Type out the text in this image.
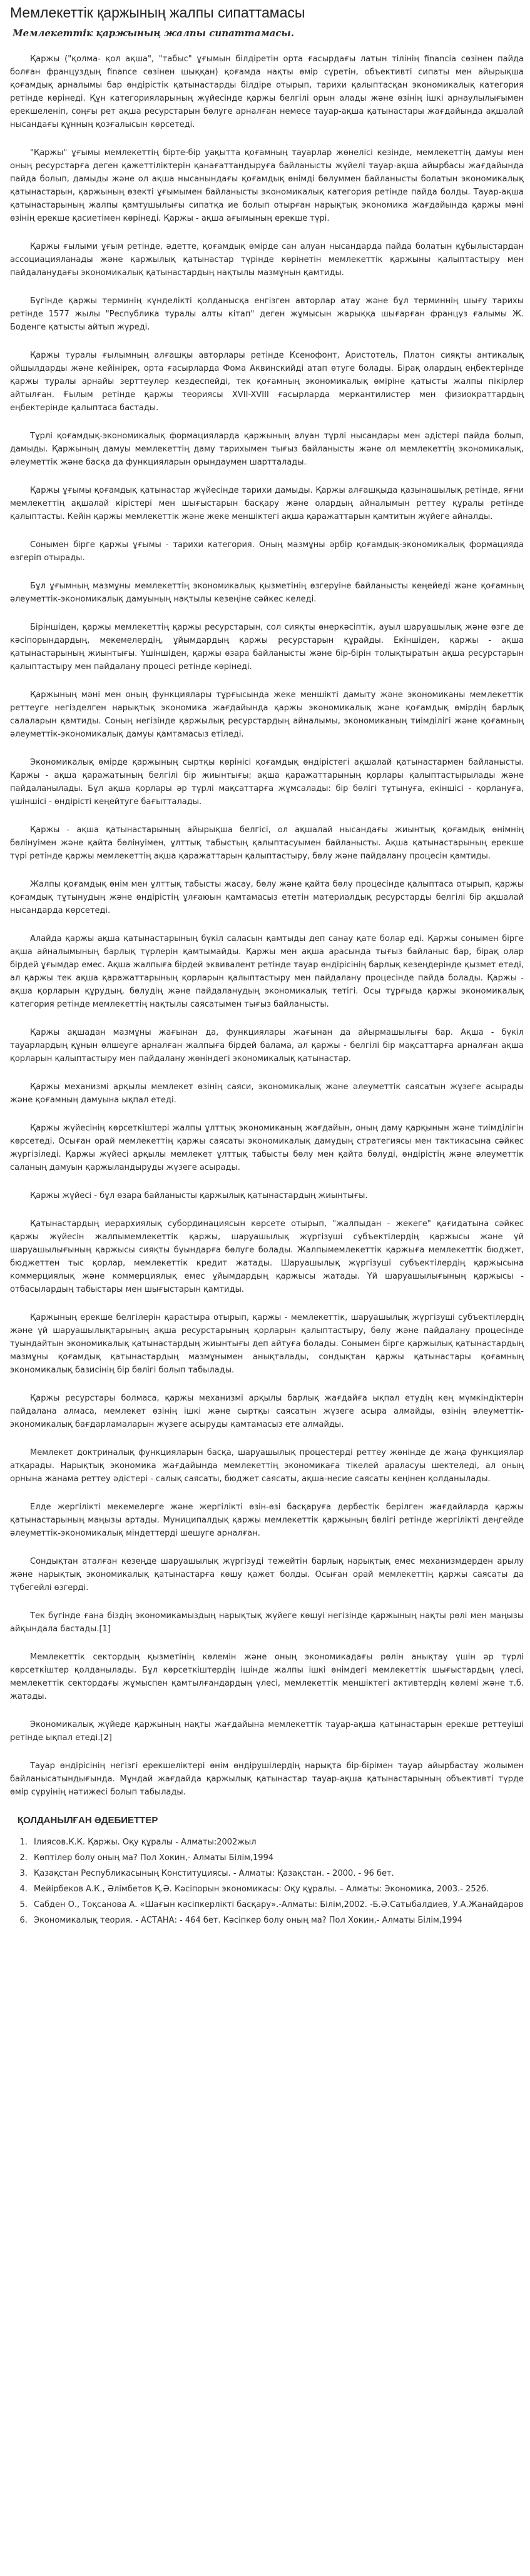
Мемлекеттік қаржының жалпы сипаттамасы
Мемлекеттік қаржының жалпы сипаттамасы.

Қаржы ("қолма- қол ақша", "табыс" ұғымын білдіретін орта ғасырдағы латын тілінің financia сөзінен пайда болған француздың finance сөзінен шыққан) қоғамда нақты өмір сүретін, объективті сипаты мен айырықша қоғамдық арналымы бар өндірістік қатынастарды білдіре отырып, тарихи қалыптасқан экономикалық категория ретінде көрінеді. Құн категорияларының жүйесінде қаржы белгілі орын алады және өзінің ішкі арнаулылығымен ерекшеленіп, соңғы рет ақша ресурстарын бөлуге арналған немесе тауар-ақша қатынастары жағдайында ақшалай нысандағы құнның қозғалысын көрсетеді.

"Қаржы" ұғымы мемлекеттің бірте-бір уақытта қоғамның тауарлар жөнелісі кезінде, мемлекеттің дамуы мен оның ресурстарға деген қажеттіліктерін қанағаттандыруға байланысты жүйелі тауар-ақша айырбасы жағдайында пайда болып, дамыды және ол ақша нысанындағы қоғамдық өнімді бөлуммен байланысты болатын экономикалық қатынастарын, қаржының өзекті ұғымымен байланысты экономикалық категория ретінде пайда болды. Тауар-ақша қатынастарының жалпы қамтушылығы сипатқа ие болып отырған нарықтық экономика жағдайында қаржы мәні өзінің ерекше қасиетімен көрінеді. Қаржы - ақша ағымының ерекше түрі.

Қаржы ғылыми ұғым ретінде, әдетте, қоғамдық өмірде сан алуан нысандарда пайда болатын құбылыстардан ассоциацияланады және қаржылық қатынастар түрінде көрінетін мемлекеттік қаржыны қалыптастыру мен пайдаланудағы экономикалық қатынастардың нақтылы мазмұнын қамтиды.

Бүгінде қаржы терминің күнделікті қолданысқа енгізген авторлар атау және бұл терминнің шығу тарихы ретінде 1577 жылы "Республика туралы алты кітап" деген жұмысын жарыққа шығарған француз ғалымы Ж. Боденге қатысты айтып жүреді.

Қаржы туралы ғылымның алғашқы авторлары ретінде Ксенофонт, Аристотель, Платон сияқты антикалық ойшылдарды және кейінірек, орта ғасырларда Фома Аквинскийді атап өтуге болады. Бірақ олардың еңбектерінде қаржы туралы арнайы зерттеулер кездеспейді, тек қоғамның экономикалық өміріне қатысты жалпы пікірлер айтылған. Ғылым ретінде қаржы теориясы XVII-XVIII ғасырларда меркантилистер мен физиократтардың еңбектерінде қалыптаса бастады.

Тұрлі қоғамдық-экономикалық формацияларда қаржының алуан түрлі нысандары мен әдістері пайда болып, дамыды. Қаржының дамуы мемлекеттің даму тарихымен тығыз байланысты және ол мемлекеттің экономикалық, әлеуметтік және басқа да функцияларын орындаумен шартталады.

Қаржы ұғымы қоғамдық қатынастар жүйесінде тарихи дамыды. Қаржы алғашқыда қазынашылық ретінде, яғни мемлекеттің ақшалай кірістері мен шығыстарын басқару және олардың айналымын реттеу құралы ретінде қалыптасты. Кейін қаржы мемлекеттік және жеке меншіктегі ақша қаражаттарын қамтитын жүйеге айналды.

Сонымен бірге қаржы ұғымы - тарихи категория. Оның мазмұны әрбір қоғамдық-экономикалық формацияда өзгеріп отырады.

Бұл ұғымның мазмұны мемлекеттің экономикалық қызметінің өзгеруіне байланысты кеңейеді және қоғамның әлеуметтік-экономикалық дамуының нақтылы кезеңіне сәйкес келеді.

Біріншіден, қаржы мемлекеттің қаржы ресурстарын, сол сияқты өнеркәсіптік, ауыл шаруашылық және өзге де кәсіпорындардың, мекемелердің, ұйымдардың қаржы ресурстарын құрайды. Екіншіден, қаржы - ақша қатынастарының жиынтығы. Үшіншіден, қаржы өзара байланысты және бір-бірін толықтыратын ақша ресурстарын қалыптастыру мен пайдалану процесі ретінде көрінеді.

Қаржының мәні мен оның функциялары тұрғысында жеке меншікті дамыту және экономиканы мемлекеттік реттеуге негізделген нарықтық экономика жағдайында қаржы экономикалық және қоғамдық өмірдің барлық салаларын қамтиды. Соның негізінде қаржылық ресурстардың айналымы, экономиканың тиімділігі және қоғамның әлеуметтік-экономикалық дамуы қамтамасыз етіледі.

Экономикалық өмірде қаржының сыртқы көрінісі қоғамдық өндірістегі ақшалай қатынастармен байланысты. Қаржы - ақша қаражатының белгілі бір жиынтығы; ақша қаражаттарының қорлары қалыптастырылады және пайдаланылады. Бұл ақша қорлары әр түрлі мақсаттарға жұмсалады: бір бөлігі тұтынуға, екіншісі - қорлануға, үшіншісі - өндірісті кеңейтуге бағытталады.

Қаржы - ақша қатынастарының айырықша белгісі, ол ақшалай нысандағы жиынтық қоғамдық өнімнің бөлінуімен және қайта бөлінуімен, ұлттық табыстың қалыптасуымен байланысты. Ақша қатынастарының ерекше түрі ретінде қаржы мемлекеттің ақша қаражаттарын қалыптастыру, бөлу және пайдалану процесін қамтиды.

Жалпы қоғамдық өнім мен ұлттық табысты жасау, бөлу және қайта бөлу процесінде қалыптаса отырып, қаржы қоғамдық тұтынудың және өндірістің ұлғаюын қамтамасыз ететін материалдық ресурстарды белгілі бір ақшалай нысандарда көрсетеді.

Алайда қаржы ақша қатынастарының бүкіл саласын қамтыды деп санау қате болар еді. Қаржы сонымен бірге ақша айналымының барлық түрлерін қамтымайды. Қаржы мен ақша арасында тығыз байланыс бар, бірақ олар бірдей ұғымдар емес. Ақша жалпыға бірдей эквивалент ретінде тауар өндірісінің барлық кезеңдерінде қызмет етеді, ал қаржы тек ақша қаражаттарының қорларын қалыптастыру мен пайдалану процесінде пайда болады. Қаржы - ақша қорларын құрудың, бөлудің және пайдаланудың экономикалық тетігі. Осы тұрғыда қаржы экономикалық категория ретінде мемлекеттің нақтылы саясатымен тығыз байланысты.

Қаржы ақшадан мазмұны жағынан да, функциялары жағынан да айырмашылығы бар. Ақша - бүкіл тауарлардың құнын өлшеуге арналған жалпыға бірдей балама, ал қаржы - белгілі бір мақсаттарға арналған ақша қорларын қалыптастыру мен пайдалану жөніндегі экономикалық қатынастар.

Қаржы механизмі арқылы мемлекет өзінің саяси, экономикалық және әлеуметтік саясатын жүзеге асырады және қоғамның дамуына ықпал етеді.

Қаржы жүйесінің көрсеткіштері жалпы ұлттық экономиканың жағдайын, оның даму қарқынын және тиімділігін көрсетеді. Осыған орай мемлекеттің қаржы саясаты экономикалық дамудың стратегиясы мен тактикасына сәйкес жүргізіледі. Қаржы жүйесі арқылы мемлекет ұлттық табысты бөлу мен қайта бөлуді, өндірістің және әлеуметтік саланың дамуын қаржыландыруды жүзеге асырады.

Қаржы жүйесі - бұл өзара байланысты қаржылық қатынастардың жиынтығы.

Қатынастардың иерархиялық субординациясын көрсете отырып, "жалпыдан - жекеге" қағидатына сәйкес қаржы жүйесін жалпымемлекеттік қаржы, шаруашылық жүргізуші субъектілердің қаржысы және үй шаруашылығының қаржысы сияқты буындарға бөлуге болады. Жалпымемлекеттік қаржыға мемлекеттік бюджет, бюджеттен тыс қорлар, мемлекеттік кредит жатады. Шаруашылық жүргізуші субъектілердің қаржысына коммерциялық және коммерциялық емес ұйымдардың қаржысы жатады. Үй шаруашылығының қаржысы - отбасылардың табыстары мен шығыстарын қамтиды.

Қаржының ерекше белгілерін қарастыра отырып, қаржы - мемлекеттік, шаруашылық жүргізуші субъектілердің және үй шаруашылықтарының ақша ресурстарының қорларын қалыптастыру, бөлу және пайдалану процесінде туындайтын экономикалық қатынастардың жиынтығы деп айтуға болады. Сонымен бірге қаржылық қатынастардың мазмұны қоғамдық қатынастардың мазмұнымен анықталады, сондықтан қаржы қатынастары қоғамның экономикалық базисінің бір бөлігі болып табылады.

Қаржы ресурстары болмаса, қаржы механизмі арқылы барлық жағдайға ықпал етудің кең мүмкіндіктерін пайдалана алмаса, мемлекет өзінің ішкі және сыртқы саясатын жүзеге асыра алмайды, өзінің әлеуметтік-экономикалық бағдарламаларын жүзеге асыруды қамтамасыз ете алмайды.

Мемлекет доктриналық функцияларын басқа, шаруашылық процестерді реттеу жөнінде де жаңа функциялар атқарады. Нарықтық экономика жағдайында мемлекеттің экономикаға тікелей араласуы шектеледі, ал оның орнына жанама реттеу әдістері - салық саясаты, бюджет саясаты, ақша-несие саясаты кеңінен қолданылады.

Елде жергілікті мекемелерге және жергілікті өзін-өзі басқаруға дербестік берілген жағдайларда қаржы қатынастарының маңызы артады. Муниципалдық қаржы мемлекеттік қаржының бөлігі ретінде жергілікті деңгейде әлеуметтік-экономикалық міндеттерді шешуге арналған.

Сондықтан аталған кезеңде шаруашылық жүргізуді тежейтін барлық нарықтық емес механизмдерден арылу және нарықтық экономикалық қатынастарға көшу қажет болды. Осыған орай мемлекеттің қаржы саясаты да түбегейлі өзгерді.

Тек бүгінде ғана біздің экономикамыздың нарықтық жүйеге көшуі негізінде қаржының нақты рөлі мен маңызы айқындала бастады.[1]

Мемлекеттік сектордың қызметінің көлемін және оның экономикадағы рөлін анықтау үшін әр түрлі көрсеткіштер қолданылады. Бұл көрсеткіштердің ішінде жалпы ішкі өнімдегі мемлекеттік шығыстардың үлесі, мемлекеттік сектордағы жұмыспен қамтылғандардың үлесі, мемлекеттік меншіктегі активтердің көлемі және т.б. жатады.

Экономикалық жүйеде қаржының нақты жағдайына мемлекеттік тауар-ақша қатынастарын ерекше реттеуіші ретінде ықпал етеді.[2]

Тауар өндірісінің негізгі ерекшеліктері өнім өндірушілердің нарықта бір-бірімен тауар айырбастау жолымен байланысатындығында. Мұндай жағдайда қаржылық қатынастар тауар-ақша қатынастарының объективті түрде өмір сүруінің нәтижесі болып табылады.

ҚОЛДАНЫЛҒАН ӘДЕБИЕТТЕР
1. Ілиясов.К.К. Қаржы. Оқу құралы - Алматы:2002жыл
2. Көптілер болу оның ма? Пол Хокин,- Алматы Білім,1994
3. Қазақстан Республикасының Конституциясы. - Алматы: Қазақстан. - 2000. - 96 бет.
4. Мейірбеков А.К., Әлімбетов Қ.Ә. Кәсіпорын экономикасы: Оқу құралы. – Алматы: Экономика, 2003.- 252б.
5. Сабден О., Тоқсанова А. «Шағын кәсіпкерлікті басқару».-Алматы: Білім,2002. -Б.Ә.Сатыбалдиев, У.А.Жанайдаров
6. Экономикалық теория. - АСТАНА: - 464 бет. Кәсіпкер болу оның ма? Пол Хокин,- Алматы Білім,1994
